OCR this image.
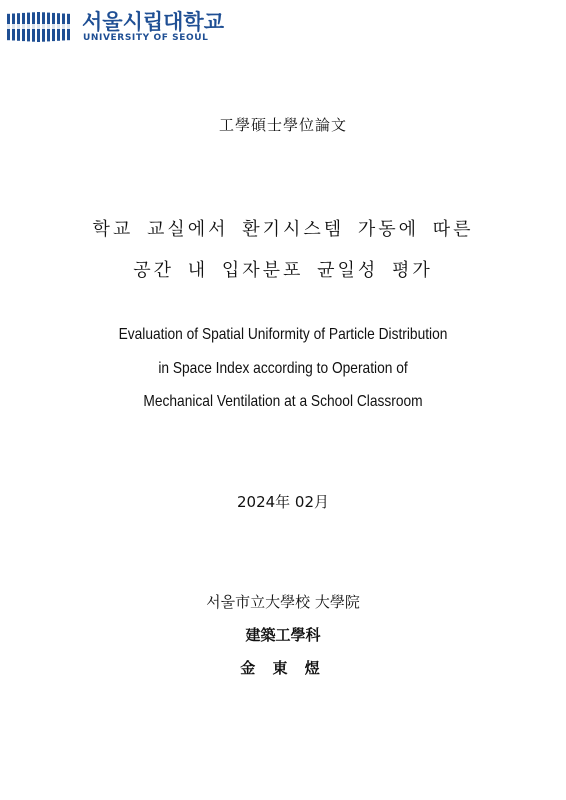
서울시립대학교
UNIVERSITY OF SEOUL
工學碩士學位論文
학교 교실에서 환기시스템 가동에 따른
공간 내 입자분포 균일성 평가
Evaluation of Spatial Uniformity of Particle Distribution
in Space Index according to Operation of
Mechanical Ventilation at a School Classroom
2024年 02月
서울市立大學校 大學院
建築工學科
金 東 煜
